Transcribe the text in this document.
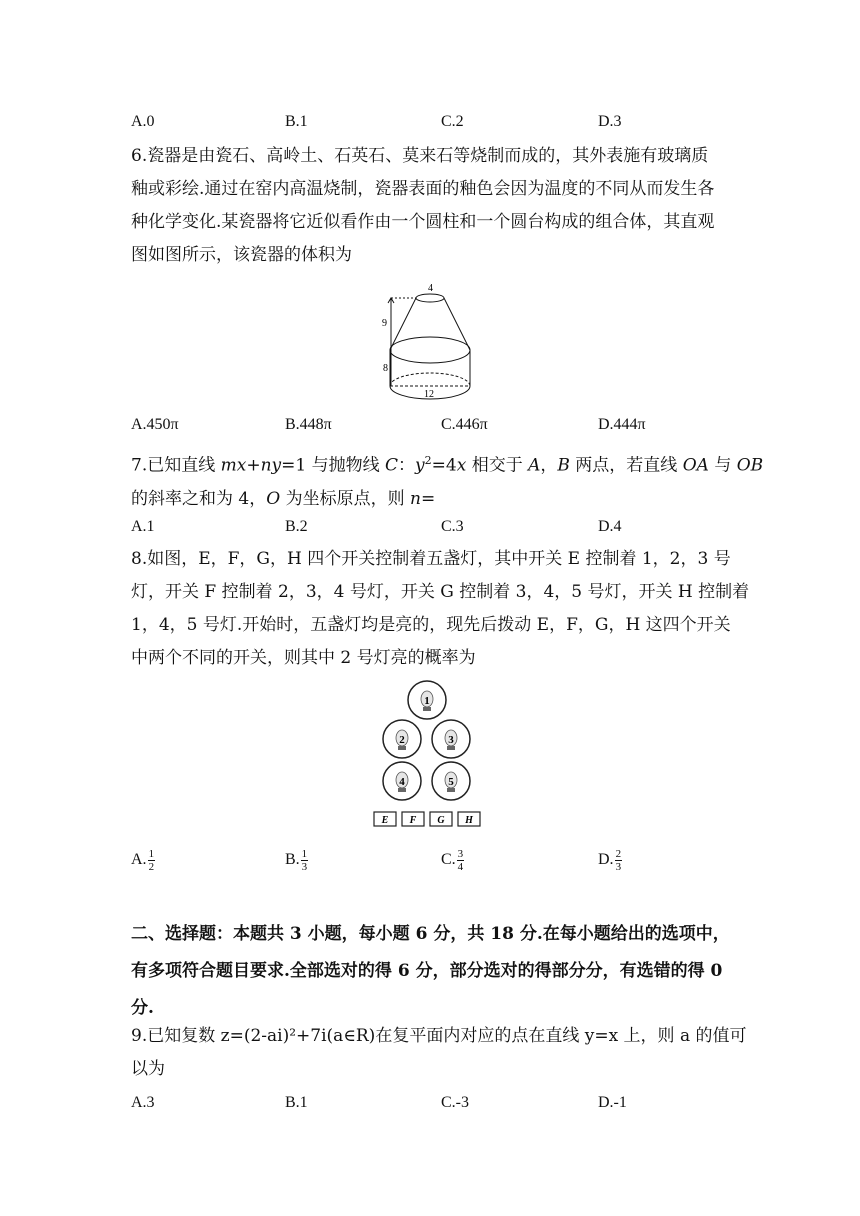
A.0	B.1	C.2	D.3
6.瓷器是由瓷石、高岭土、石英石、莫来石等烧制而成的，其外表施有玻璃质
釉或彩绘.通过在窑内高温烧制，瓷器表面的釉色会因为温度的不同从而发生各
种化学变化.某瓷器将它近似看作由一个圆柱和一个圆台构成的组合体，其直观
图如图所示，该瓷器的体积为
4
9
8
12
A.450π	B.448π	C.446π	D.444π
7.已知直线 mx+ny=1 与抛物线 C：$y^2=4x$ 相交于 A，B 两点，若直线 OA 与 OB
的斜率之和为 4，O 为坐标原点，则 n=
A.1	B.2	C.3	D.4
8.如图，E，F，G，H 四个开关控制着五盏灯，其中开关 E 控制着 1，2，3 号
灯，开关 F 控制着 2，3，4 号灯，开关 G 控制着 3，4，5 号灯，开关 H 控制着
1，4，5 号灯.开始时，五盏灯均是亮的，现先后拨动 E，F，G，H 这四个开关
中两个不同的开关，则其中 2 号灯亮的概率为
1
2	3
4	5
E F G H
A. $\frac{1}{2}$	B. $\frac{1}{3}$	C. $\frac{3}{4}$	D. $\frac{2}{3}$
二、选择题：本题共 3 小题，每小题 6 分，共 18 分.在每小题给出的选项中，
有多项符合题目要求.全部选对的得 6 分，部分选对的得部分分，有选错的得 0
分.
9.已知复数 z=(2-ai)²+7i(a∈R)在复平面内对应的点在直线 y=x 上，则 a 的值可
以为
A.3	B.1	C.-3	D.-1
